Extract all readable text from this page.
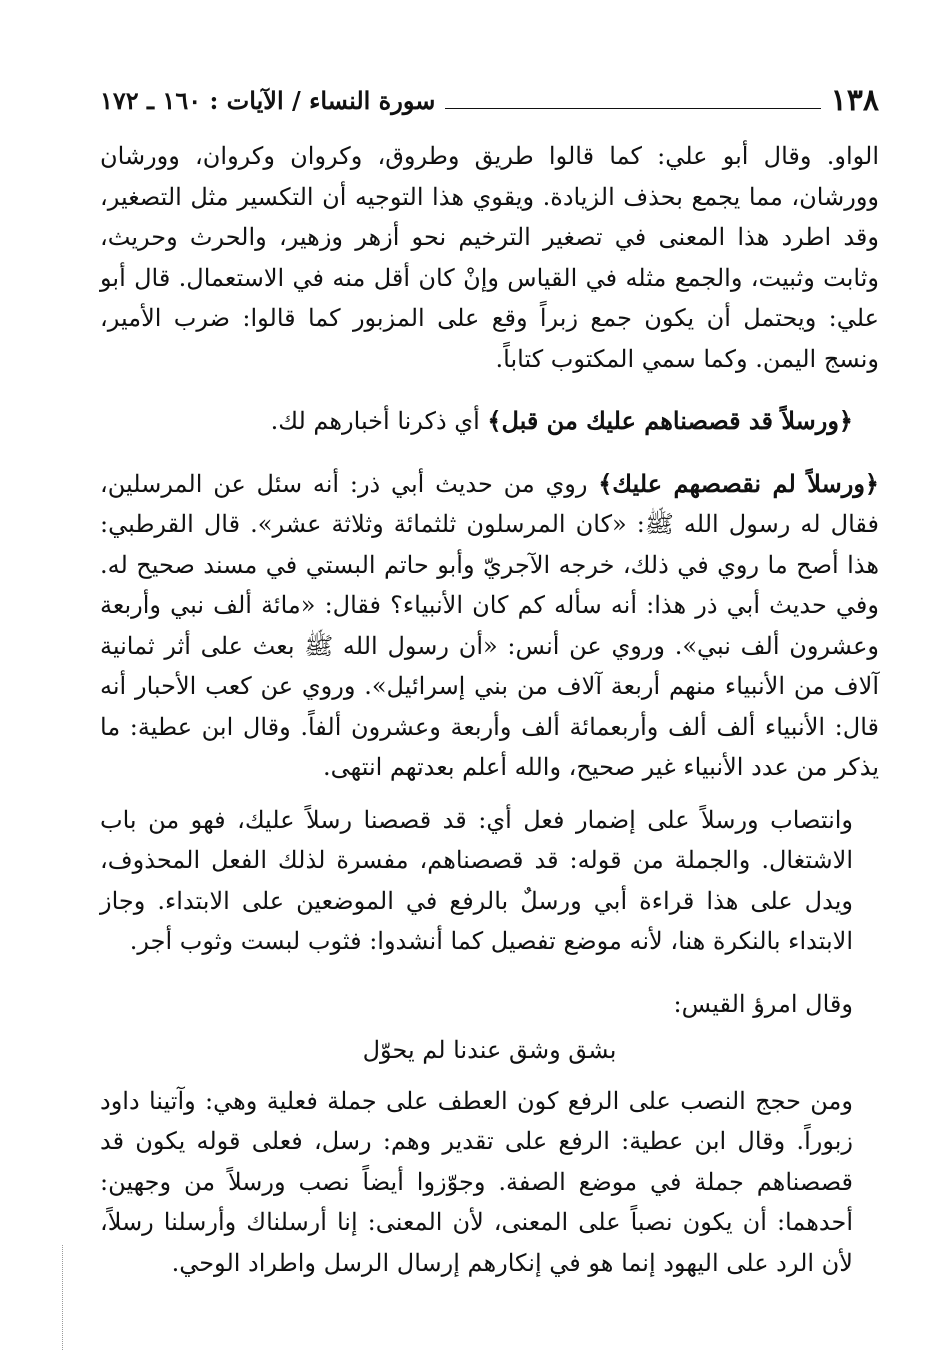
١٣٨
سورة النساء / الآيات : ١٦٠ ـ ١٧٢

الواو. وقال أبو علي: كما قالوا طريق وطروق، وكروان وكروان، وورشان وورشان، مما يجمع بحذف الزيادة. ويقوي هذا التوجيه أن التكسير مثل التصغير، وقد اطرد هذا المعنى في تصغير الترخيم نحو أزهر وزهير، والحرث وحريث، وثابت وثبيت، والجمع مثله في القياس وإنْ كان أقل منه في الاستعمال. قال أبو علي: ويحتمل أن يكون جمع زبراً وقع على المزبور كما قالوا: ضرب الأمير، ونسج اليمن. وكما سمي المكتوب كتاباً.

﴿ورسلاً قد قصصناهم عليك من قبل﴾ أي ذكرنا أخبارهم لك.

﴿ورسلاً لم نقصصهم عليك﴾ روي من حديث أبي ذر: أنه سئل عن المرسلين، فقال له رسول الله ﷺ: «كان المرسلون ثلثمائة وثلاثة عشر». قال القرطبي: هذا أصح ما روي في ذلك، خرجه الآجريّ وأبو حاتم البستي في مسند صحيح له. وفي حديث أبي ذر هذا: أنه سأله كم كان الأنبياء؟ فقال: «مائة ألف نبي وأربعة وعشرون ألف نبي». وروي عن أنس: «أن رسول الله ﷺ بعث على أثر ثمانية آلاف من الأنبياء منهم أربعة آلاف من بني إسرائيل». وروي عن كعب الأحبار أنه قال: الأنبياء ألف ألف وأربعمائة ألف وأربعة وعشرون ألفاً. وقال ابن عطية: ما يذكر من عدد الأنبياء غير صحيح، والله أعلم بعدتهم انتهى.

وانتصاب ورسلاً على إضمار فعل أي: قد قصصنا رسلاً عليك، فهو من باب الاشتغال. والجملة من قوله: قد قصصناهم، مفسرة لذلك الفعل المحذوف، ويدل على هذا قراءة أبي ورسلٌ بالرفع في الموضعين على الابتداء. وجاز الابتداء بالنكرة هنا، لأنه موضع تفصيل كما أنشدوا: فثوب لبست وثوب أجر.

وقال امرؤ القيس:

بشق وشق عندنا لم يحوّل

ومن حجج النصب على الرفع كون العطف على جملة فعلية وهي: وآتينا داود زبوراً. وقال ابن عطية: الرفع على تقدير وهم: رسل، فعلى قوله يكون قد قصصناهم جملة في موضع الصفة. وجوّزوا أيضاً نصب ورسلاً من وجهين: أحدهما: أن يكون نصباً على المعنى، لأن المعنى: إنا أرسلناك وأرسلنا رسلاً، لأن الرد على اليهود إنما هو في إنكارهم إرسال الرسل واطراد الوحي.
